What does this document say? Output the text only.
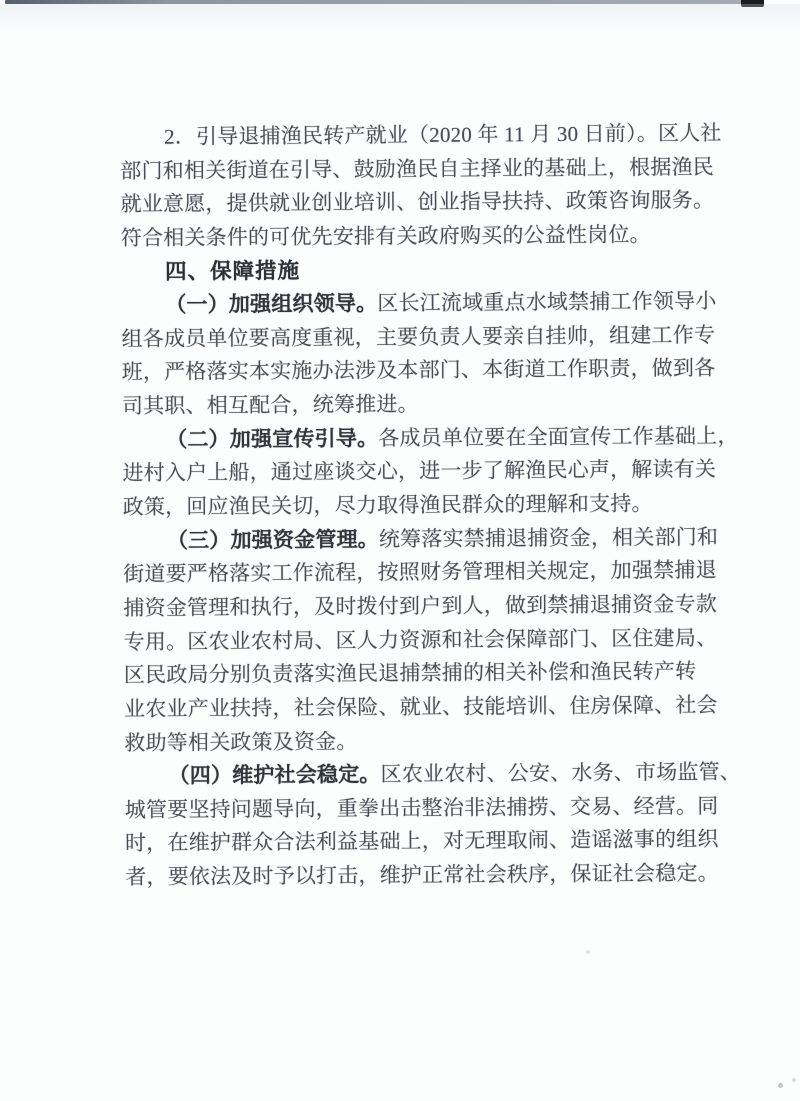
2．引导退捕渔民转产就业（2020 年 11 月 30 日前）。区人社
部门和相关街道在引导、鼓励渔民自主择业的基础上，根据渔民
就业意愿，提供就业创业培训、创业指导扶持、政策咨询服务。
符合相关条件的可优先安排有关政府购买的公益性岗位。
四、保障措施
（一）加强组织领导。区长江流域重点水域禁捕工作领导小
组各成员单位要高度重视，主要负责人要亲自挂帅，组建工作专
班，严格落实本实施办法涉及本部门、本街道工作职责，做到各
司其职、相互配合，统筹推进。
（二）加强宣传引导。各成员单位要在全面宣传工作基础上，
进村入户上船，通过座谈交心，进一步了解渔民心声，解读有关
政策，回应渔民关切，尽力取得渔民群众的理解和支持。
（三）加强资金管理。统筹落实禁捕退捕资金，相关部门和
街道要严格落实工作流程，按照财务管理相关规定，加强禁捕退
捕资金管理和执行，及时拨付到户到人，做到禁捕退捕资金专款
专用。区农业农村局、区人力资源和社会保障部门、区住建局、
区民政局分别负责落实渔民退捕禁捕的相关补偿和渔民转产转
业农业产业扶持，社会保险、就业、技能培训、住房保障、社会
救助等相关政策及资金。
（四）维护社会稳定。区农业农村、公安、水务、市场监管、
城管要坚持问题导向，重拳出击整治非法捕捞、交易、经营。同
时，在维护群众合法利益基础上，对无理取闹、造谣滋事的组织
者，要依法及时予以打击，维护正常社会秩序，保证社会稳定。
